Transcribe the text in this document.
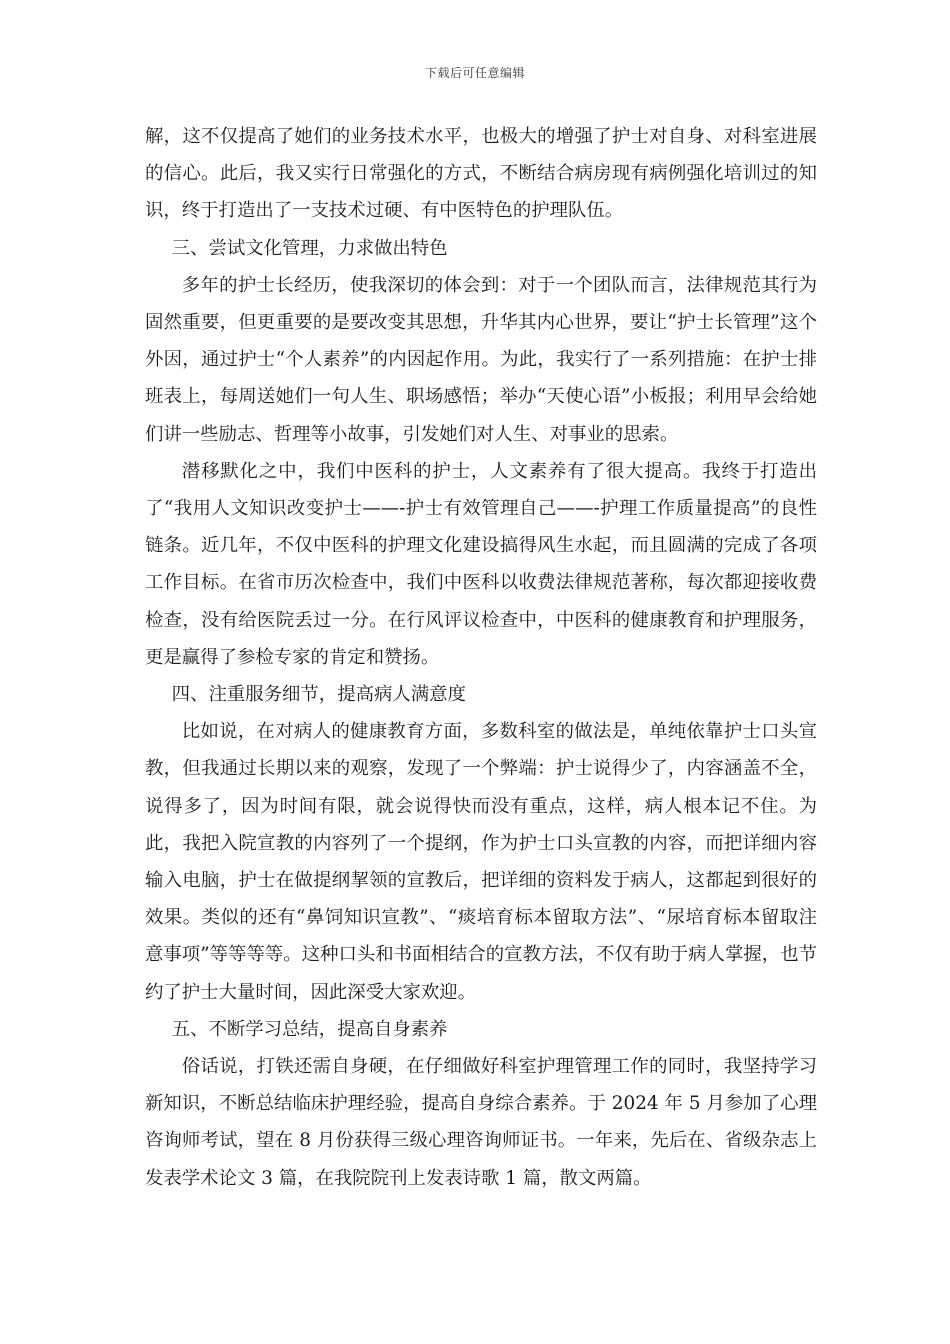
下载后可任意编辑

解，这不仅提高了她们的业务技术水平，也极大的增强了护士对自身、对科室进展的信心。此后，我又实行日常强化的方式，不断结合病房现有病例强化培训过的知识，终于打造出了一支技术过硬、有中医特色的护理队伍。

三、尝试文化管理，力求做出特色

多年的护士长经历，使我深切的体会到：对于一个团队而言，法律规范其行为固然重要，但更重要的是要改变其思想，升华其内心世界，要让“护士长管理”这个外因，通过护士“个人素养”的内因起作用。为此，我实行了一系列措施：在护士排班表上，每周送她们一句人生、职场感悟；举办“天使心语”小板报；利用早会给她们讲一些励志、哲理等小故事，引发她们对人生、对事业的思索。

潜移默化之中，我们中医科的护士，人文素养有了很大提高。我终于打造出了“我用人文知识改变护士——-护士有效管理自己——-护理工作质量提高”的良性链条。近几年，不仅中医科的护理文化建设搞得风生水起，而且圆满的完成了各项工作目标。在省市历次检查中，我们中医科以收费法律规范著称，每次都迎接收费检查，没有给医院丢过一分。在行风评议检查中，中医科的健康教育和护理服务，更是赢得了参检专家的肯定和赞扬。

四、注重服务细节，提高病人满意度

比如说，在对病人的健康教育方面，多数科室的做法是，单纯依靠护士口头宣教，但我通过长期以来的观察，发现了一个弊端：护士说得少了，内容涵盖不全，说得多了，因为时间有限，就会说得快而没有重点，这样，病人根本记不住。为此，我把入院宣教的内容列了一个提纲，作为护士口头宣教的内容，而把详细内容输入电脑，护士在做提纲挈领的宣教后，把详细的资料发于病人，这都起到很好的效果。类似的还有“鼻饲知识宣教”、“痰培育标本留取方法”、“尿培育标本留取注意事项”等等等等。这种口头和书面相结合的宣教方法，不仅有助于病人掌握，也节约了护士大量时间，因此深受大家欢迎。

五、不断学习总结，提高自身素养

俗话说，打铁还需自身硬，在仔细做好科室护理管理工作的同时，我坚持学习新知识，不断总结临床护理经验，提高自身综合素养。于 2024 年 5 月参加了心理咨询师考试，望在 8 月份获得三级心理咨询师证书。一年来，先后在、省级杂志上发表学术论文 3 篇，在我院院刊上发表诗歌 1 篇，散文两篇。
